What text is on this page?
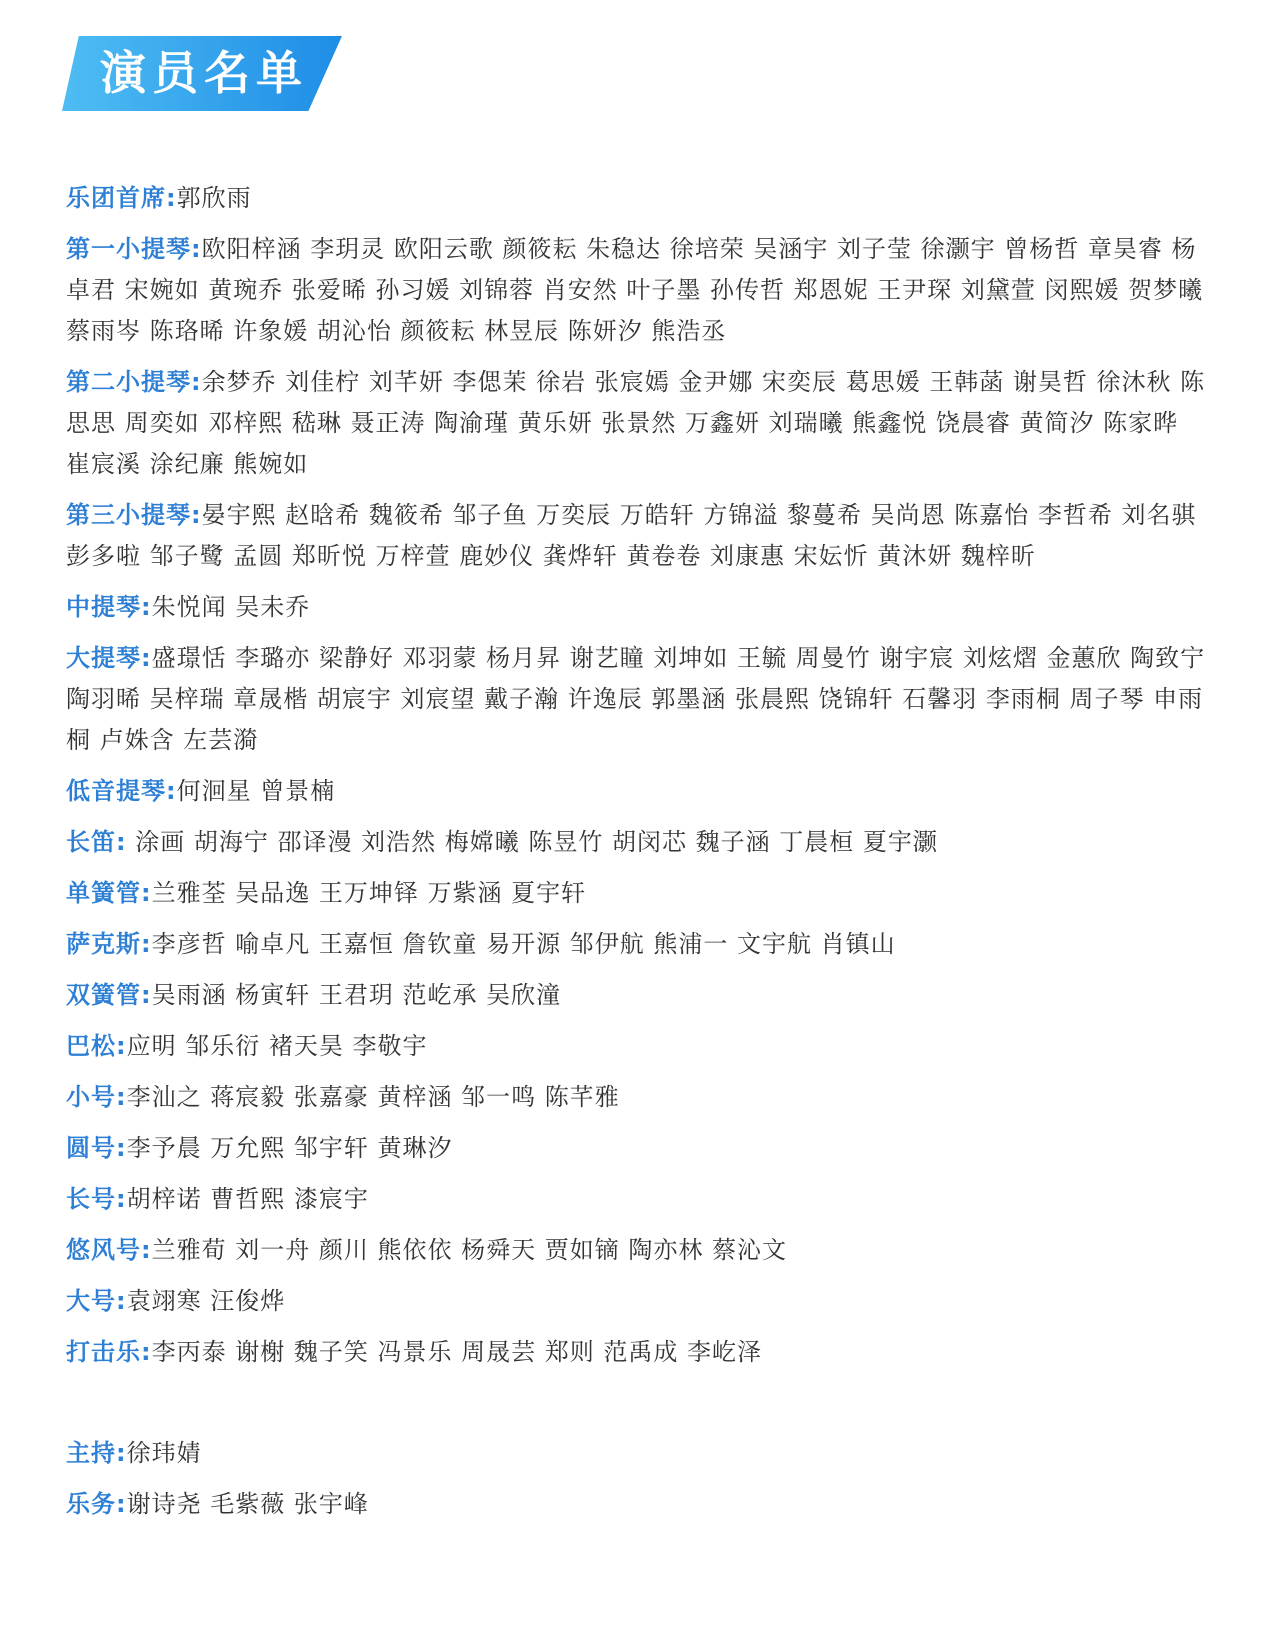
演员名单
乐团首席:郭欣雨
第一小提琴:欧阳梓涵 李玥灵 欧阳云歌 颜筱耘 朱稳达 徐培荣 吴涵宇 刘子莹 徐灏宇 曾杨哲 章昊睿 杨卓君 宋婉如 黄琬乔 张爱晞 孙习媛 刘锦蓉 肖安然 叶子墨 孙传哲 郑恩妮 王尹琛 刘黛萱 闵熙媛 贺梦曦 蔡雨岑 陈珞晞 许象媛 胡沁怡 颜筱耘 林昱辰 陈妍汐 熊浩丞
第二小提琴:余梦乔 刘佳柠 刘芊妍 李偲茉 徐岩 张宸嫣 金尹娜 宋奕辰 葛思媛 王韩菡 谢昊哲 徐沐秋 陈思思 周奕如 邓梓熙 嵇琳 聂正涛 陶渝瑾 黄乐妍 张景然 万鑫妍 刘瑞曦 熊鑫悦 饶晨睿 黄简汐 陈家晔 崔宸溪 涂纪廉 熊婉如
第三小提琴:晏宇熙 赵晗希 魏筱希 邹子鱼 万奕辰 万皓轩 方锦溢 黎蔓希 吴尚恩 陈嘉怡 李哲希 刘名骐 彭多啦 邹子鹭 孟圆 郑昕悦 万梓萱 鹿妙仪 龚烨轩 黄卷卷 刘康惠 宋妘忻 黄沐妍 魏梓昕
中提琴:朱悦闻 吴未乔
大提琴:盛璟恬 李璐亦 梁静好 邓羽蒙 杨月昇 谢艺瞳 刘坤如 王毓 周曼竹 谢宇宸 刘炫熠 金蕙欣 陶致宁 陶羽晞 吴梓瑞 章晟楷 胡宸宇 刘宸望 戴子瀚 许逸辰 郭墨涵 张晨熙 饶锦轩 石馨羽 李雨桐 周子琴 申雨桐 卢姝含 左芸漪
低音提琴:何洄星 曾景楠
长笛: 涂画 胡海宁 邵译漫 刘浩然 梅嫦曦 陈昱竹 胡闵芯 魏子涵 丁晨桓 夏宇灏
单簧管:兰雅荃 吴品逸 王万坤铎 万紫涵 夏宇轩
萨克斯:李彦哲 喻卓凡 王嘉恒 詹钦童 易开源 邹伊航 熊浦一 文宇航 肖镇山
双簧管:吴雨涵 杨寅轩 王君玥 范屹承 吴欣潼
巴松:应明 邹乐衍 褚天昊 李敬宇
小号:李汕之 蒋宸毅 张嘉豪 黄梓涵 邹一鸣 陈芊雅
圆号:李予晨 万允熙 邹宇轩 黄琳汐
长号:胡梓诺 曹哲熙 漆宸宇
悠风号:兰雅荀 刘一舟 颜川 熊依依 杨舜天 贾如镝 陶亦林 蔡沁文
大号:袁翊寒 汪俊烨
打击乐:李丙泰 谢榭 魏子笑 冯景乐 周晟芸 郑则 范禹成 李屹泽
主持:徐玮婧
乐务:谢诗尧 毛紫薇 张宇峰
